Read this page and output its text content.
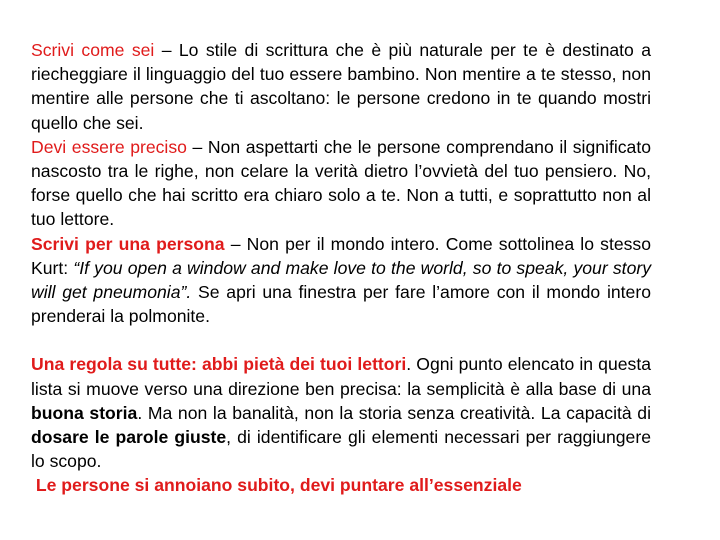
Scrivi come sei – Lo stile di scrittura che è più naturale per te è destinato a riecheggiare il linguaggio del tuo essere bambino. Non mentire a te stesso, non mentire alle persone che ti ascoltano: le persone credono in te quando mostri quello che sei.

Devi essere preciso – Non aspettarti che le persone comprendano il significato nascosto tra le righe, non celare la verità dietro l’ovvietà del tuo pensiero. No, forse quello che hai scritto era chiaro solo a te. Non a tutti, e soprattutto non al tuo lettore.

Scrivi per una persona – Non per il mondo intero. Come sottolinea lo stesso Kurt: “If you open a window and make love to the world, so to speak, your story will get pneumonia”. Se apri una finestra per fare l’amore con il mondo intero prenderai la polmonite.

Una regola su tutte: abbi pietà dei tuoi lettori. Ogni punto elencato in questa lista si muove verso una direzione ben precisa: la semplicità è alla base di una buona storia. Ma non la banalità, non la storia senza creatività. La capacità di dosare le parole giuste, di identificare gli elementi necessari per raggiungere lo scopo.

Le persone si annoiano subito, devi puntare all’essenziale
